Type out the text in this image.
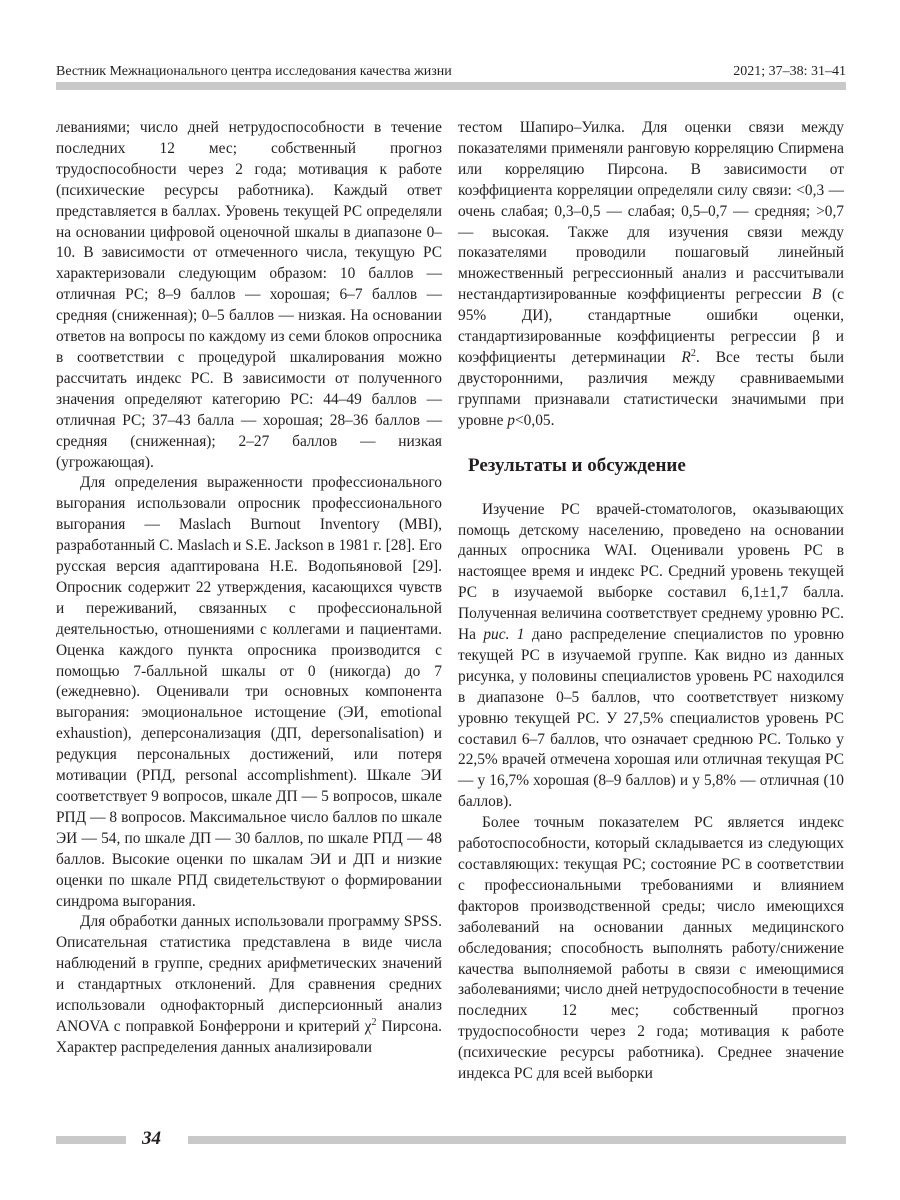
Вестник Межнационального центра исследования качества жизни	2021; 37–38: 31–41

леваниями; число дней нетрудоспособности в течение последних 12 мес; собственный прогноз трудоспособности через 2 года; мотивация к работе (психические ресурсы работника). Каждый ответ представляется в баллах. Уровень текущей РС определяли на основании цифровой оценочной шкалы в диапазоне 0–10. В зависимости от отмеченного числа, текущую РС характеризовали следующим образом: 10 баллов — отличная РС; 8–9 баллов — хорошая; 6–7 баллов — средняя (сниженная); 0–5 баллов — низкая. На основании ответов на вопросы по каждому из семи блоков опросника в соответствии с процедурой шкалирования можно рассчитать индекс РС. В зависимости от полученного значения определяют категорию РС: 44–49 баллов — отличная РС; 37–43 балла — хорошая; 28–36 баллов — средняя (сниженная); 2–27 баллов — низкая (угрожающая).

Для определения выраженности профессионального выгорания использовали опросник профессионального выгорания — Maslach Burnout Inventory (MBI), разработанный C. Maslach и S.E. Jackson в 1981 г. [28]. Его русская версия адаптирована Н.Е. Водопьяновой [29]. Опросник содержит 22 утверждения, касающихся чувств и переживаний, связанных с профессиональной деятельностью, отношениями с коллегами и пациентами. Оценка каждого пункта опросника производится с помощью 7-балльной шкалы от 0 (никогда) до 7 (ежедневно). Оценивали три основных компонента выгорания: эмоциональное истощение (ЭИ, emotional exhaustion), деперсонализация (ДП, depersonalisation) и редукция персональных достижений, или потеря мотивации (РПД, personal accomplishment). Шкале ЭИ соответствует 9 вопросов, шкале ДП — 5 вопросов, шкале РПД — 8 вопросов. Максимальное число баллов по шкале ЭИ — 54, по шкале ДП — 30 баллов, по шкале РПД — 48 баллов. Высокие оценки по шкалам ЭИ и ДП и низкие оценки по шкале РПД свидетельствуют о формировании синдрома выгорания.

Для обработки данных использовали программу SPSS. Описательная статистика представлена в виде числа наблюдений в группе, средних арифметических значений и стандартных отклонений. Для сравнения средних использовали однофакторный дисперсионный анализ ANOVA с поправкой Бонферрони и критерий $\chi^2$ Пирсона. Характер распределения данных анализировали

тестом Шапиро–Уилка. Для оценки связи между показателями применяли ранговую корреляцию Спирмена или корреляцию Пирсона. В зависимости от коэффициента корреляции определяли силу связи: <0,3 — очень слабая; 0,3–0,5 — слабая; 0,5–0,7 — средняя; >0,7 — высокая. Также для изучения связи между показателями проводили пошаговый линейный множественный регрессионный анализ и рассчитывали нестандартизированные коэффициенты регрессии B (с 95% ДИ), стандартные ошибки оценки, стандартизированные коэффициенты регрессии β и коэффициенты детерминации $R^2$. Все тесты были двусторонними, различия между сравниваемыми группами признавали статистически значимыми при уровне p<0,05.

Результаты и обсуждение

Изучение РС врачей-стоматологов, оказывающих помощь детскому населению, проведено на основании данных опросника WAI. Оценивали уровень РС в настоящее время и индекс РС. Средний уровень текущей РС в изучаемой выборке составил 6,1±1,7 балла. Полученная величина соответствует среднему уровню РС. На рис. 1 дано распределение специалистов по уровню текущей РС в изучаемой группе. Как видно из данных рисунка, у половины специалистов уровень РС находился в диапазоне 0–5 баллов, что соответствует низкому уровню текущей РС. У 27,5% специалистов уровень РС составил 6–7 баллов, что означает среднюю РС. Только у 22,5% врачей отмечена хорошая или отличная текущая РС — у 16,7% хорошая (8–9 баллов) и у 5,8% — отличная (10 баллов).

Более точным показателем РС является индекс работоспособности, который складывается из следующих составляющих: текущая РС; состояние РС в соответствии с профессиональными требованиями и влиянием факторов производственной среды; число имеющихся заболеваний на основании данных медицинского обследования; способность выполнять работу/снижение качества выполняемой работы в связи с имеющимися заболеваниями; число дней нетрудоспособности в течение последних 12 мес; собственный прогноз трудоспособности через 2 года; мотивация к работе (психические ресурсы работника). Среднее значение индекса РС для всей выборки

34
